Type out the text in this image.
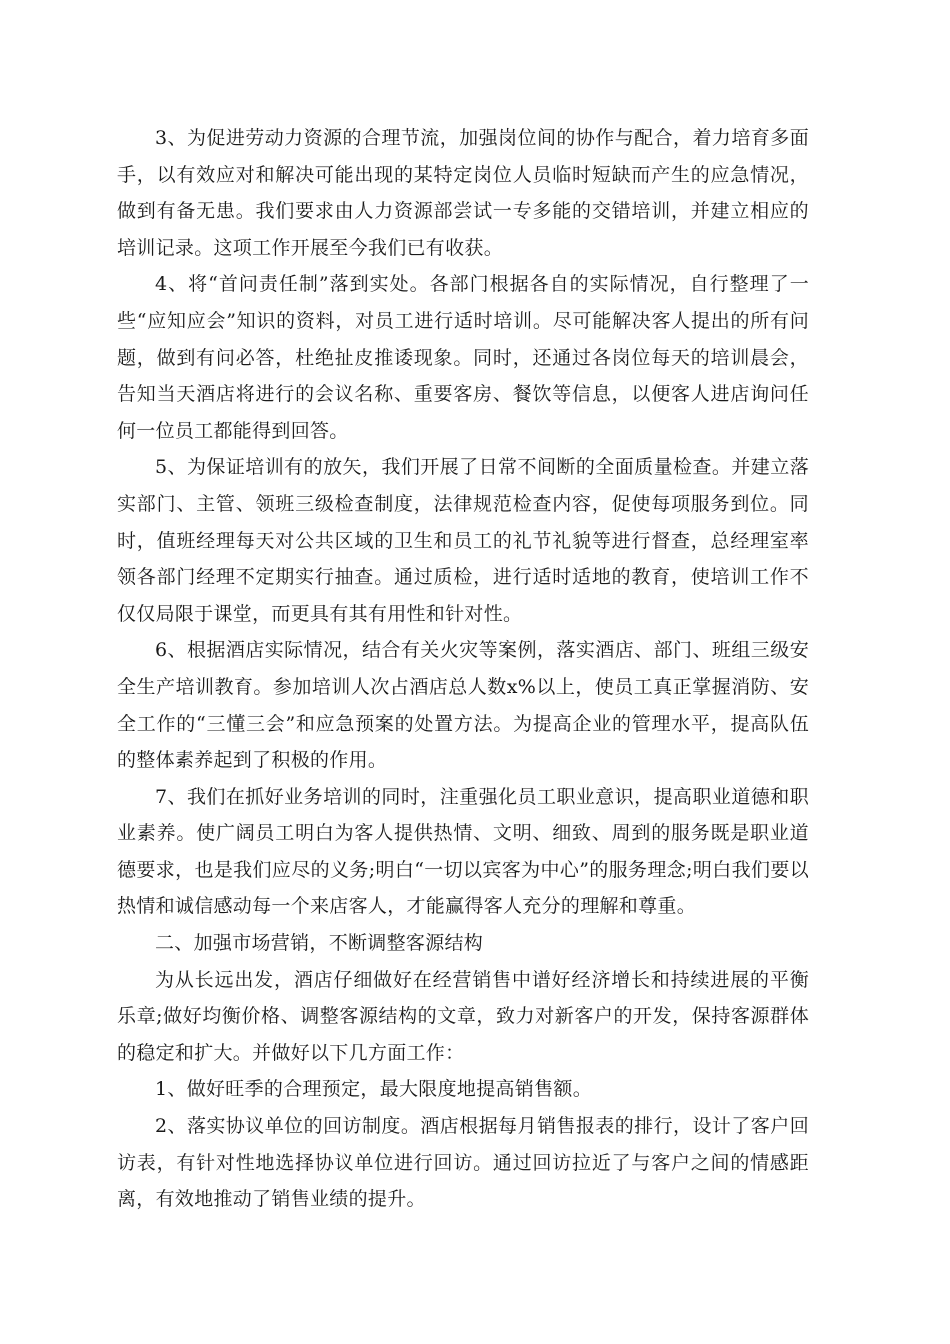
3、为促进劳动力资源的合理节流，加强岗位间的协作与配合，着力培育多面手，以有效应对和解决可能出现的某特定岗位人员临时短缺而产生的应急情况，做到有备无患。我们要求由人力资源部尝试一专多能的交错培训，并建立相应的培训记录。这项工作开展至今我们已有收获。

4、将“首问责任制”落到实处。各部门根据各自的实际情况，自行整理了一些“应知应会”知识的资料，对员工进行适时培训。尽可能解决客人提出的所有问题，做到有问必答，杜绝扯皮推诿现象。同时，还通过各岗位每天的培训晨会，告知当天酒店将进行的会议名称、重要客房、餐饮等信息，以便客人进店询问任何一位员工都能得到回答。

5、为保证培训有的放矢，我们开展了日常不间断的全面质量检查。并建立落实部门、主管、领班三级检查制度，法律规范检查内容，促使每项服务到位。同时，值班经理每天对公共区域的卫生和员工的礼节礼貌等进行督查，总经理室率领各部门经理不定期实行抽查。通过质检，进行适时适地的教育，使培训工作不仅仅局限于课堂，而更具有其有用性和针对性。

6、根据酒店实际情况，结合有关火灾等案例，落实酒店、部门、班组三级安全生产培训教育。参加培训人次占酒店总人数x%以上，使员工真正掌握消防、安全工作的“三懂三会”和应急预案的处置方法。为提高企业的管理水平，提高队伍的整体素养起到了积极的作用。

7、我们在抓好业务培训的同时，注重强化员工职业意识，提高职业道德和职业素养。使广阔员工明白为客人提供热情、文明、细致、周到的服务既是职业道德要求，也是我们应尽的义务;明白“一切以宾客为中心”的服务理念;明白我们要以热情和诚信感动每一个来店客人，才能赢得客人充分的理解和尊重。

二、加强市场营销，不断调整客源结构

为从长远出发，酒店仔细做好在经营销售中谱好经济增长和持续进展的平衡乐章;做好均衡价格、调整客源结构的文章，致力对新客户的开发，保持客源群体的稳定和扩大。并做好以下几方面工作：

1、做好旺季的合理预定，最大限度地提高销售额。

2、落实协议单位的回访制度。酒店根据每月销售报表的排行，设计了客户回访表，有针对性地选择协议单位进行回访。通过回访拉近了与客户之间的情感距离，有效地推动了销售业绩的提升。
